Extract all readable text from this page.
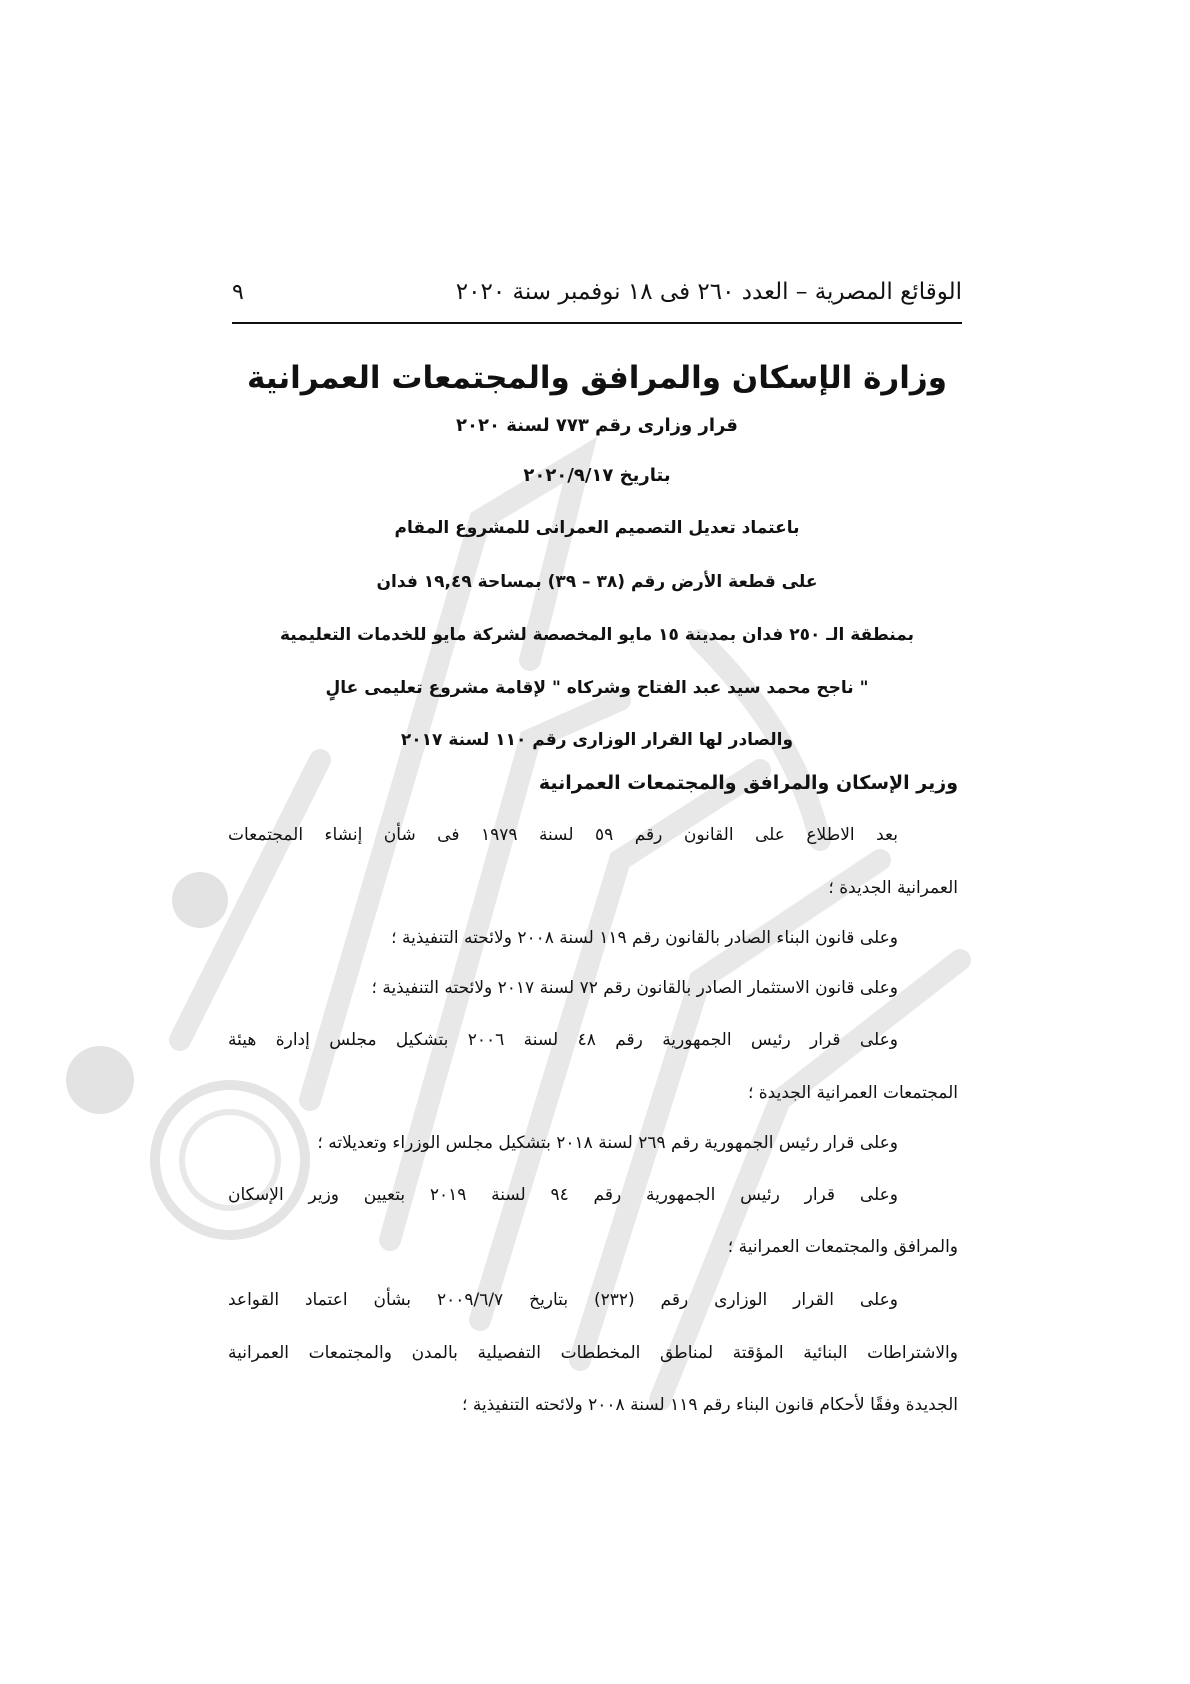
الوقائع المصرية – العدد ٢٦٠ فى ١٨ نوفمبر سنة ٢٠٢٠
٩
وزارة الإسكان والمرافق والمجتمعات العمرانية
قرار وزارى رقم ٧٧٣ لسنة ٢٠٢٠
بتاريخ ٢٠٢٠/٩/١٧
باعتماد تعديل التصميم العمرانى للمشروع المقام
على قطعة الأرض رقم (٣٨ – ٣٩) بمساحة ١٩,٤٩ فدان
بمنطقة الـ ٢٥٠ فدان بمدينة ١٥ مايو المخصصة لشركة مايو للخدمات التعليمية
" ناجح محمد سيد عبد الفتاح وشركاه " لإقامة مشروع تعليمى عالٍ
والصادر لها القرار الوزارى رقم ١١٠ لسنة ٢٠١٧
وزير الإسكان والمرافق والمجتمعات العمرانية
بعد الاطلاع على القانون رقم ٥٩ لسنة ١٩٧٩ فى شأن إنشاء المجتمعات
العمرانية الجديدة ؛
وعلى قانون البناء الصادر بالقانون رقم ١١٩ لسنة ٢٠٠٨ ولائحته التنفيذية ؛
وعلى قانون الاستثمار الصادر بالقانون رقم ٧٢ لسنة ٢٠١٧ ولائحته التنفيذية ؛
وعلى قرار رئيس الجمهورية رقم ٤٨ لسنة ٢٠٠٦ بتشكيل مجلس إدارة هيئة
المجتمعات العمرانية الجديدة ؛
وعلى قرار رئيس الجمهورية رقم ٢٦٩ لسنة ٢٠١٨ بتشكيل مجلس الوزراء وتعديلاته ؛
وعلى قرار رئيس الجمهورية رقم ٩٤ لسنة ٢٠١٩ بتعيين وزير الإسكان
والمرافق والمجتمعات العمرانية ؛
وعلى القرار الوزارى رقم (٢٣٢) بتاريخ ٢٠٠٩/٦/٧ بشأن اعتماد القواعد
والاشتراطات البنائية المؤقتة لمناطق المخططات التفصيلية بالمدن والمجتمعات العمرانية
الجديدة وفقًا لأحكام قانون البناء رقم ١١٩ لسنة ٢٠٠٨ ولائحته التنفيذية ؛
